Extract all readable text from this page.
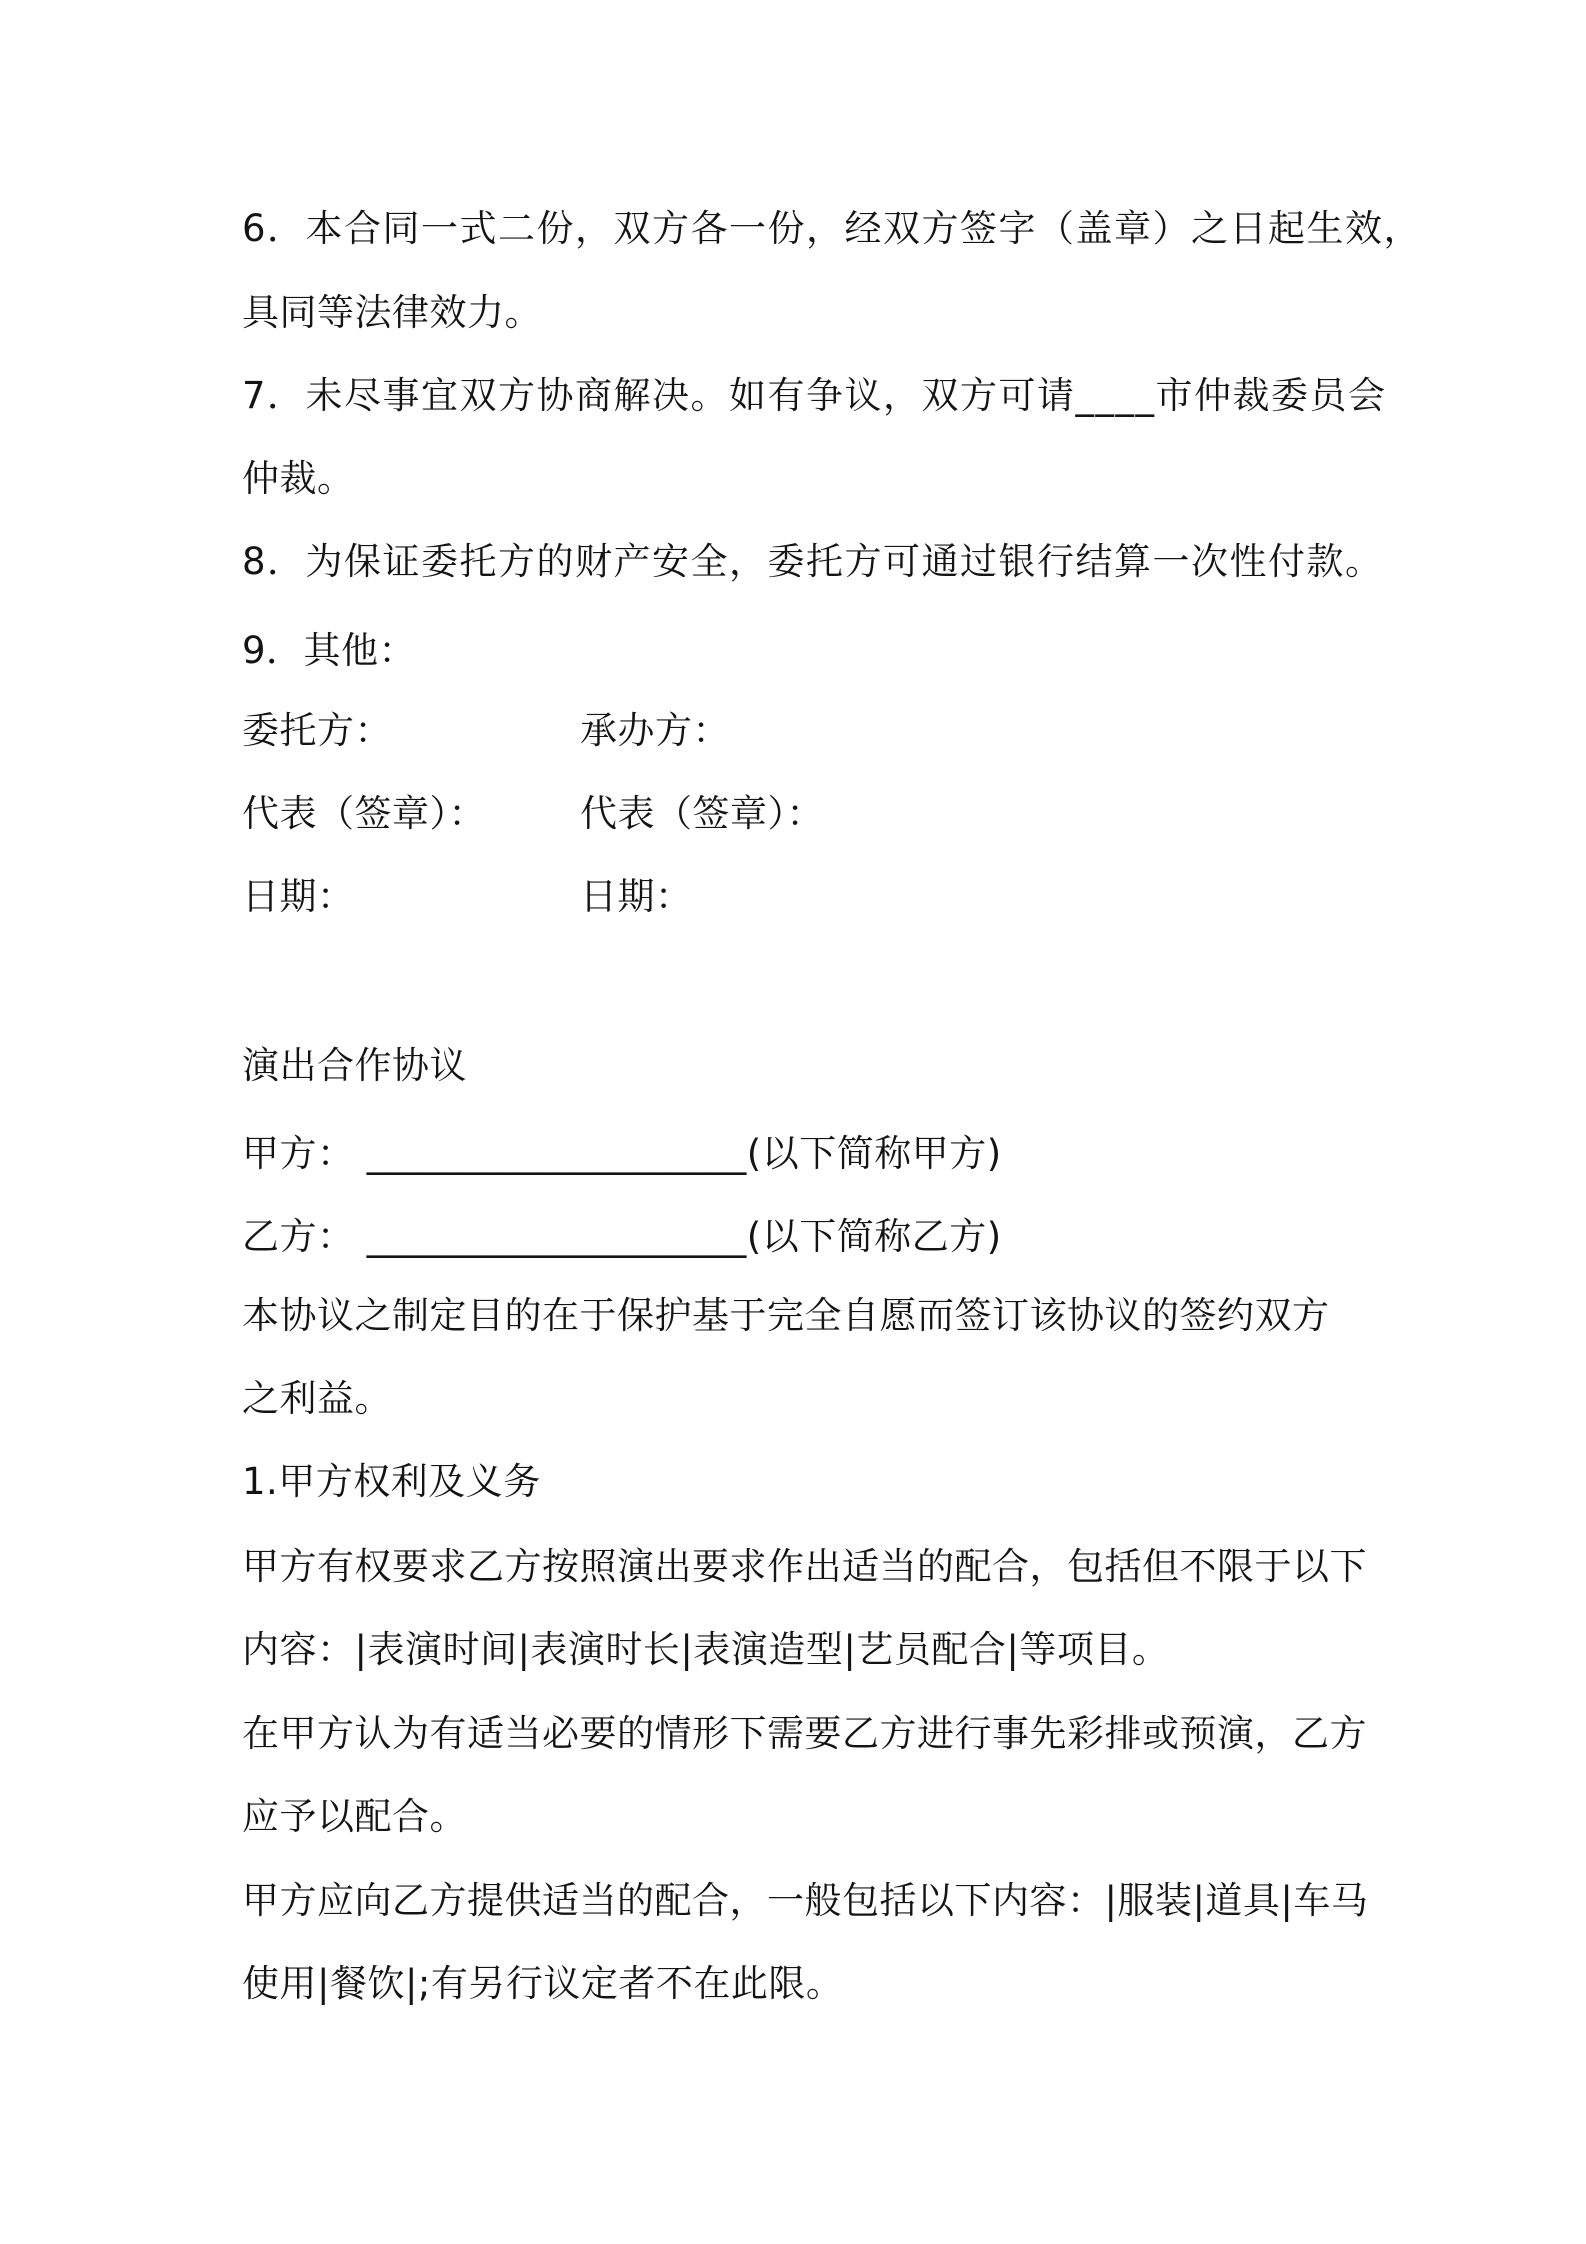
6．本合同一式二份，双方各一份，经双方签字（盖章）之日起生效，
具同等法律效力。
7．未尽事宜双方协商解决。如有争议，双方可请____市仲裁委员会
仲裁。
8．为保证委托方的财产安全，委托方可通过银行结算一次性付款。
9．其他：
委托方：	承办方：
代表（签章）：	代表（签章）：
日期：	日期：
演出合作协议
甲方： ____________________(以下简称甲方)
乙方： ____________________(以下简称乙方)
本协议之制定目的在于保护基于完全自愿而签订该协议的签约双方
之利益。
1.甲方权利及义务
甲方有权要求乙方按照演出要求作出适当的配合，包括但不限于以下
内容：|表演时间|表演时长|表演造型|艺员配合|等项目。
在甲方认为有适当必要的情形下需要乙方进行事先彩排或预演，乙方
应予以配合。
甲方应向乙方提供适当的配合，一般包括以下内容：|服装|道具|车马
使用|餐饮|;有另行议定者不在此限。
